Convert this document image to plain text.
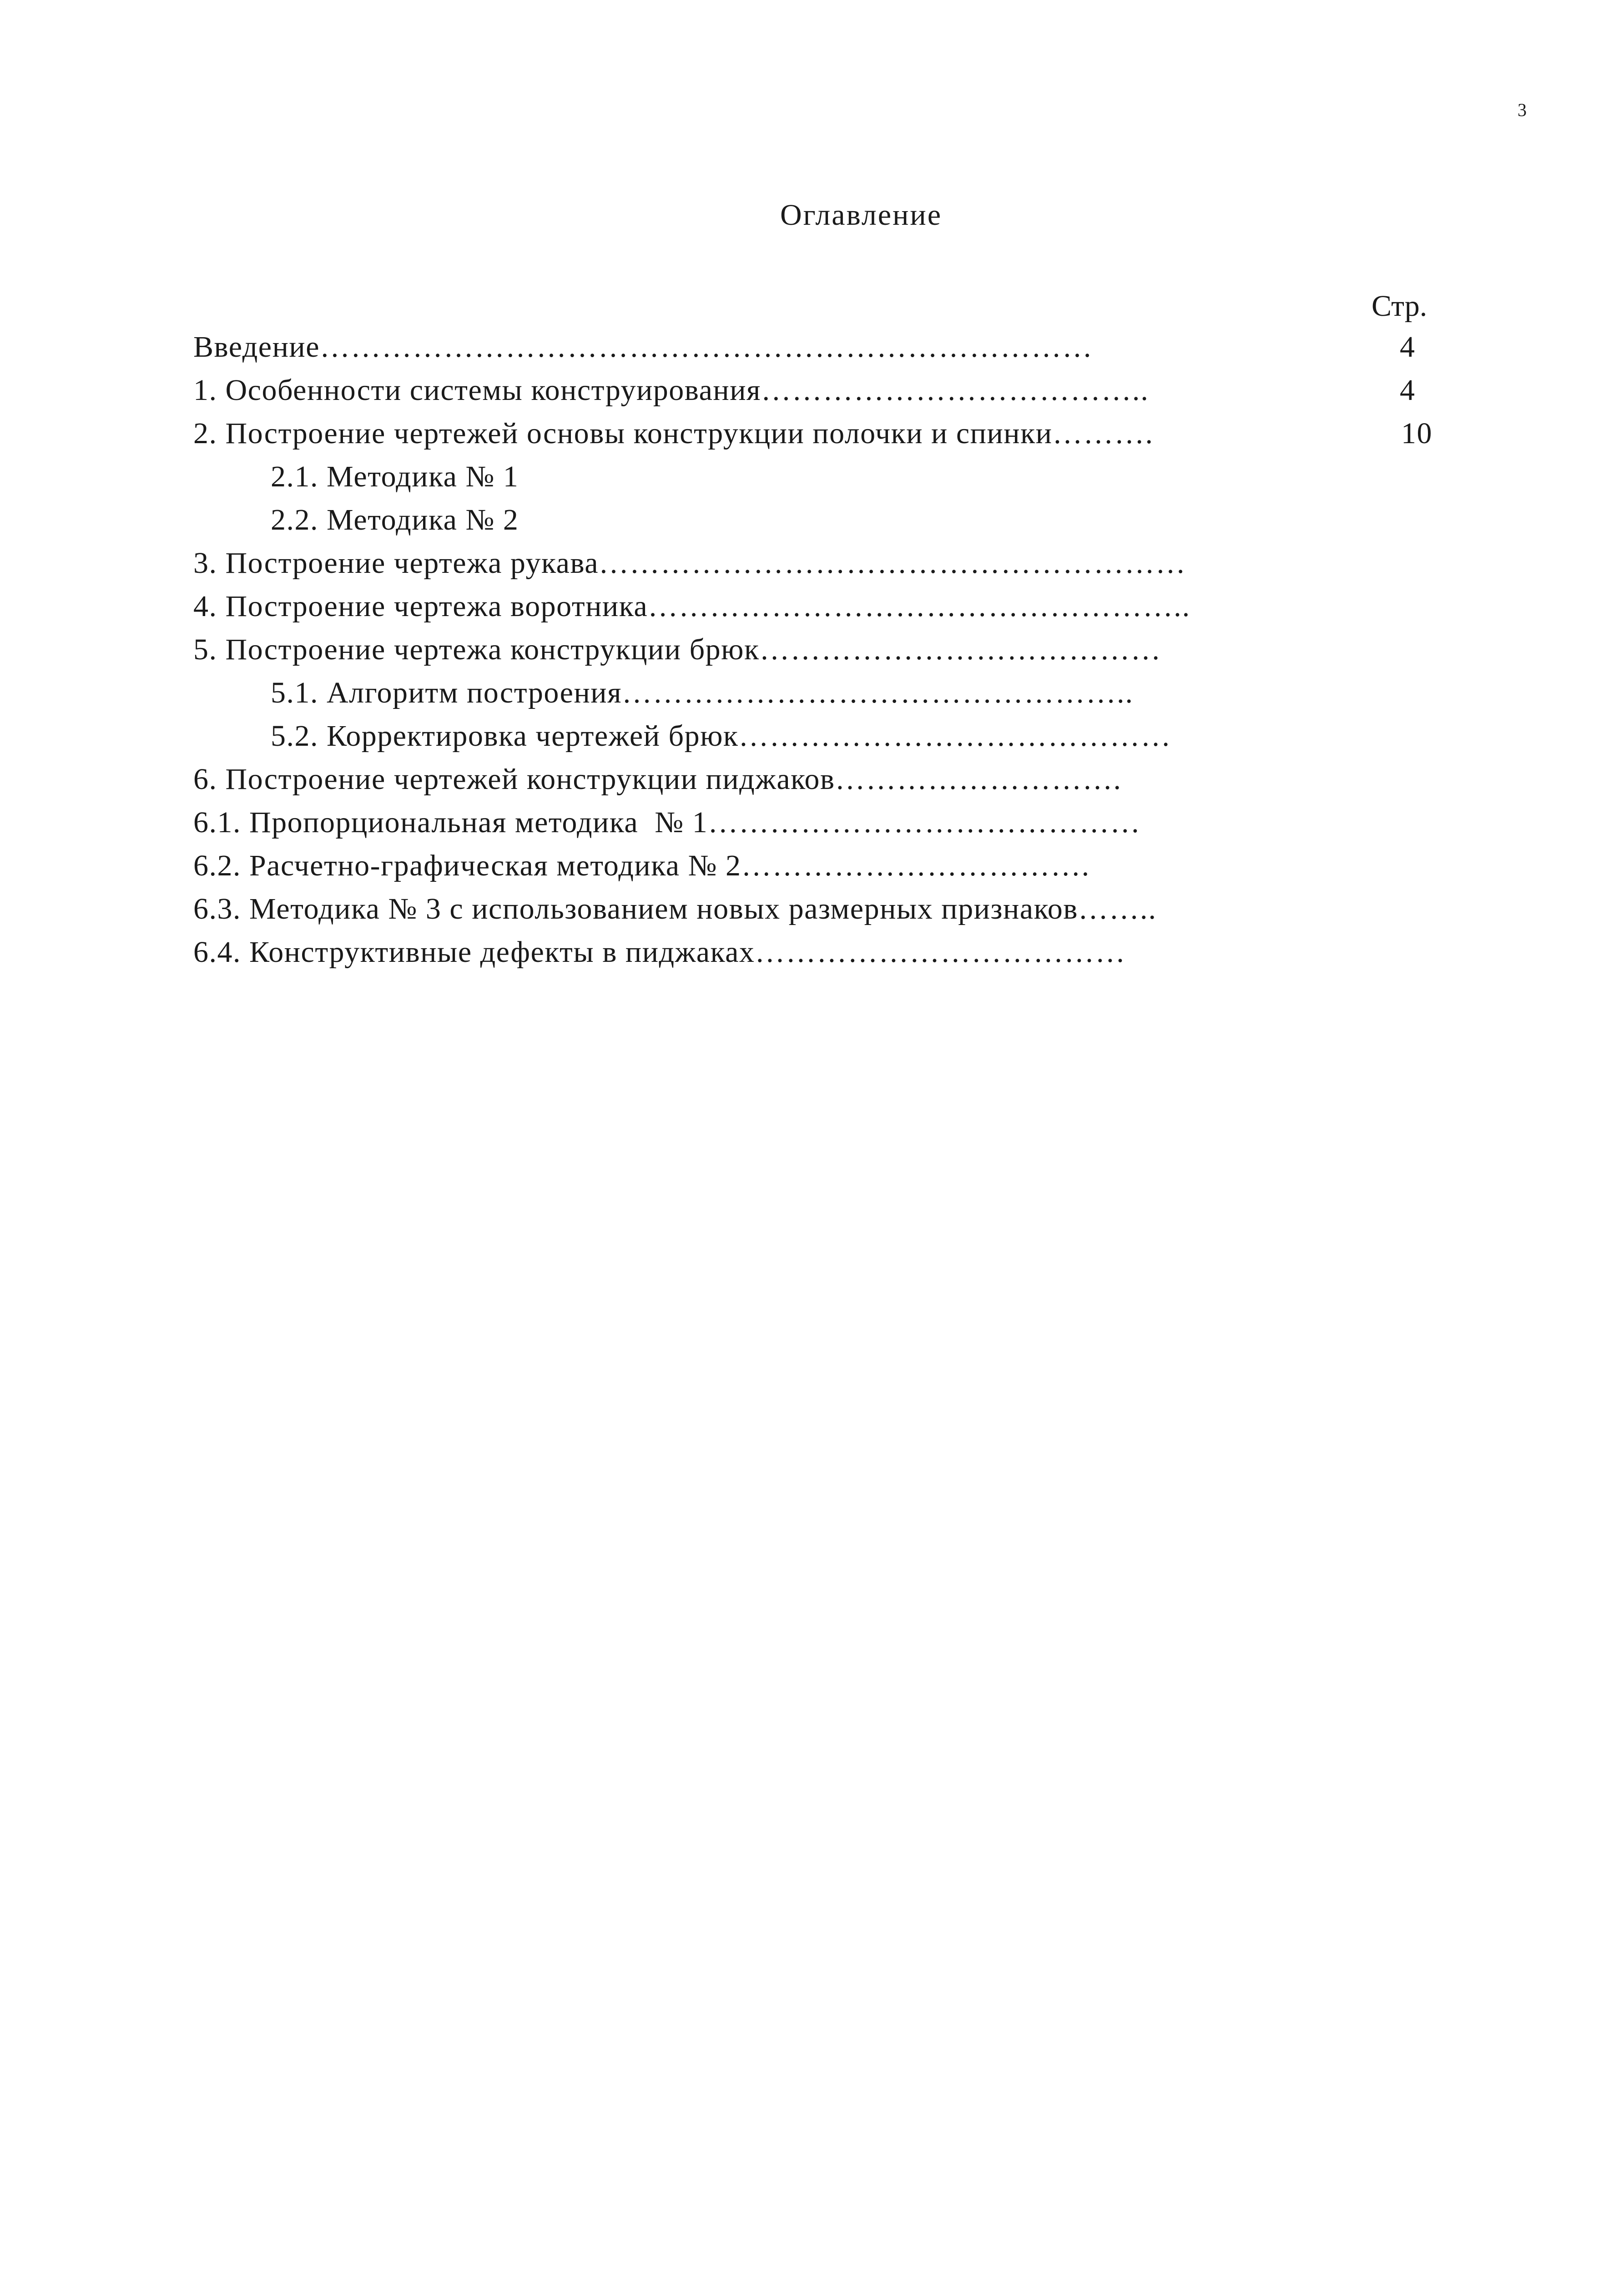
3
Оглавление
Стр.
Введение…………………………………………………………………	4
1. Особенности системы конструирования………………………………..	4
2. Построение чертежей основы конструкции полочки и спинки……….	10
2.1. Методика № 1
2.2. Методика № 2
3. Построение чертежа рукава…………………………………………………
4. Построение чертежа воротника……………………………………………..
5. Построение чертежа конструкции брюк…………………………………
5.1. Алгоритм построения…………………………………………..
5.2. Корректировка чертежей брюк……………………………………
6. Построение чертежей конструкции пиджаков……………………….
6.1. Пропорциональная методика  № 1……………………………………
6.2. Расчетно-графическая методика № 2…………………………….
6.3. Методика № 3 с использованием новых размерных признаков……..
6.4. Конструктивные дефекты в пиджаках………………………………
